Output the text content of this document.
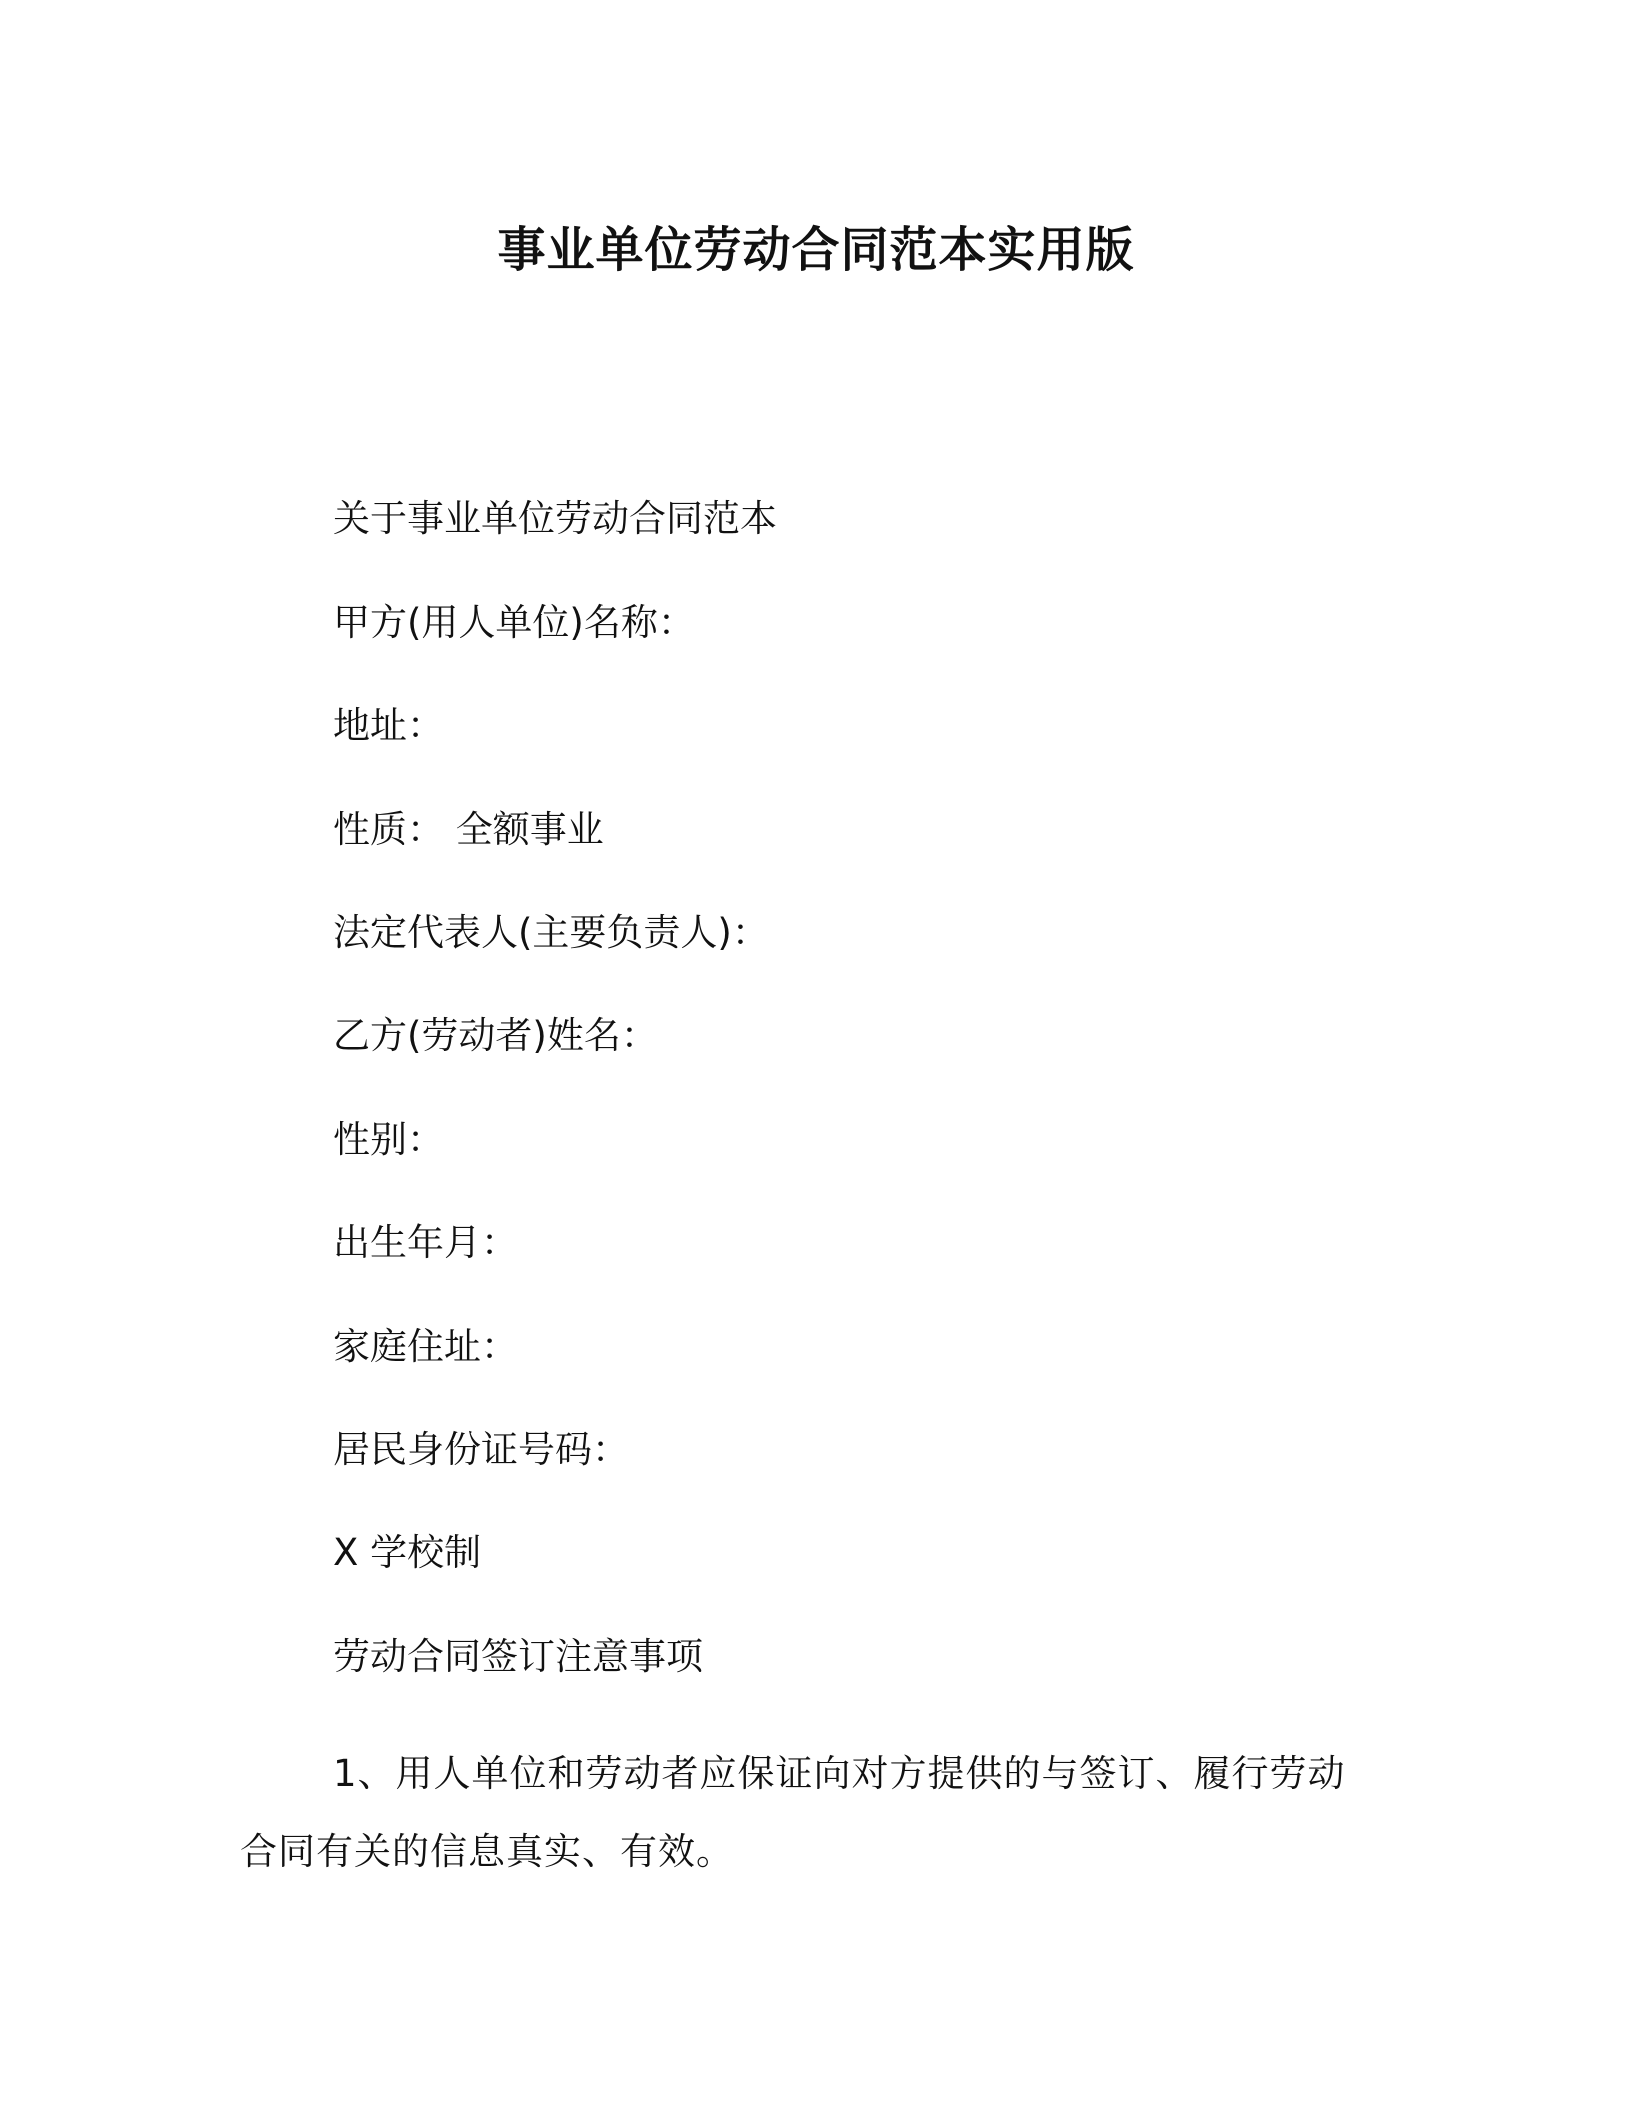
事业单位劳动合同范本实用版
关于事业单位劳动合同范本
甲方(用人单位)名称：
地址：
性质： 全额事业
法定代表人(主要负责人)：
乙方(劳动者)姓名：
性别：
出生年月：
家庭住址：
居民身份证号码：
X 学校制
劳动合同签订注意事项
1、用人单位和劳动者应保证向对方提供的与签订、履行劳动合同有关的信息真实、有效。
